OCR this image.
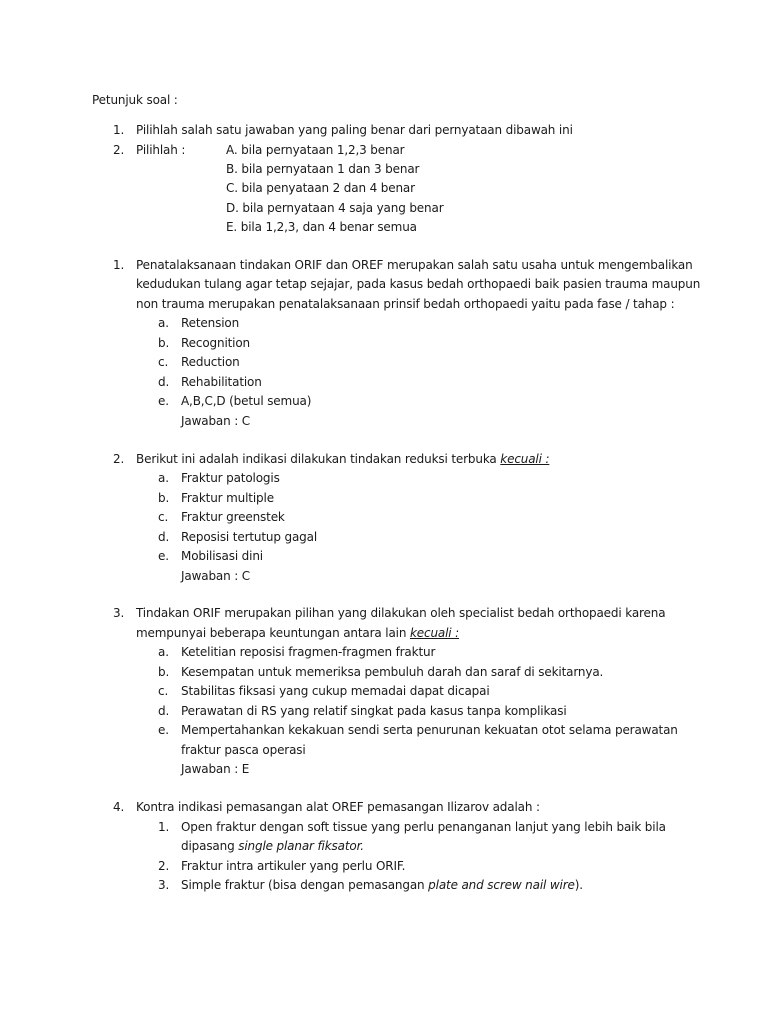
Petunjuk soal :
1. Pilihlah salah satu jawaban yang paling benar dari pernyataan dibawah ini
2. Pilihlah :	A. bila pernyataan 1,2,3 benar
B. bila pernyataan 1 dan 3 benar
C. bila penyataan 2 dan 4 benar
D. bila pernyataan 4 saja yang benar
E. bila 1,2,3, dan 4 benar semua
1. Penatalaksanaan tindakan ORIF dan OREF merupakan salah satu usaha untuk mengembalikan
kedudukan tulang agar tetap sejajar, pada kasus bedah orthopaedi baik pasien trauma maupun
non trauma merupakan penatalaksanaan prinsif bedah orthopaedi yaitu pada fase / tahap :
a. Retension
b. Recognition
c. Reduction
d. Rehabilitation
e. A,B,C,D (betul semua)
Jawaban : C
2. Berikut ini adalah indikasi dilakukan tindakan reduksi terbuka kecuali :
a. Fraktur patologis
b. Fraktur multiple
c. Fraktur greenstek
d. Reposisi tertutup gagal
e. Mobilisasi dini
Jawaban : C
3. Tindakan ORIF merupakan pilihan yang dilakukan oleh specialist bedah orthopaedi karena
mempunyai beberapa keuntungan antara lain kecuali :
a. Ketelitian reposisi fragmen-fragmen fraktur
b. Kesempatan untuk memeriksa pembuluh darah dan saraf di sekitarnya.
c. Stabilitas fiksasi yang cukup memadai dapat dicapai
d. Perawatan di RS yang relatif singkat pada kasus tanpa komplikasi
e. Mempertahankan kekakuan sendi serta penurunan kekuatan otot selama perawatan
fraktur pasca operasi
Jawaban : E
4. Kontra indikasi pemasangan alat OREF pemasangan Ilizarov adalah :
1. Open fraktur dengan soft tissue yang perlu penanganan lanjut yang lebih baik bila
dipasang single planar fiksator.
2. Fraktur intra artikuler yang perlu ORIF.
3. Simple fraktur (bisa dengan pemasangan plate and screw nail wire).
